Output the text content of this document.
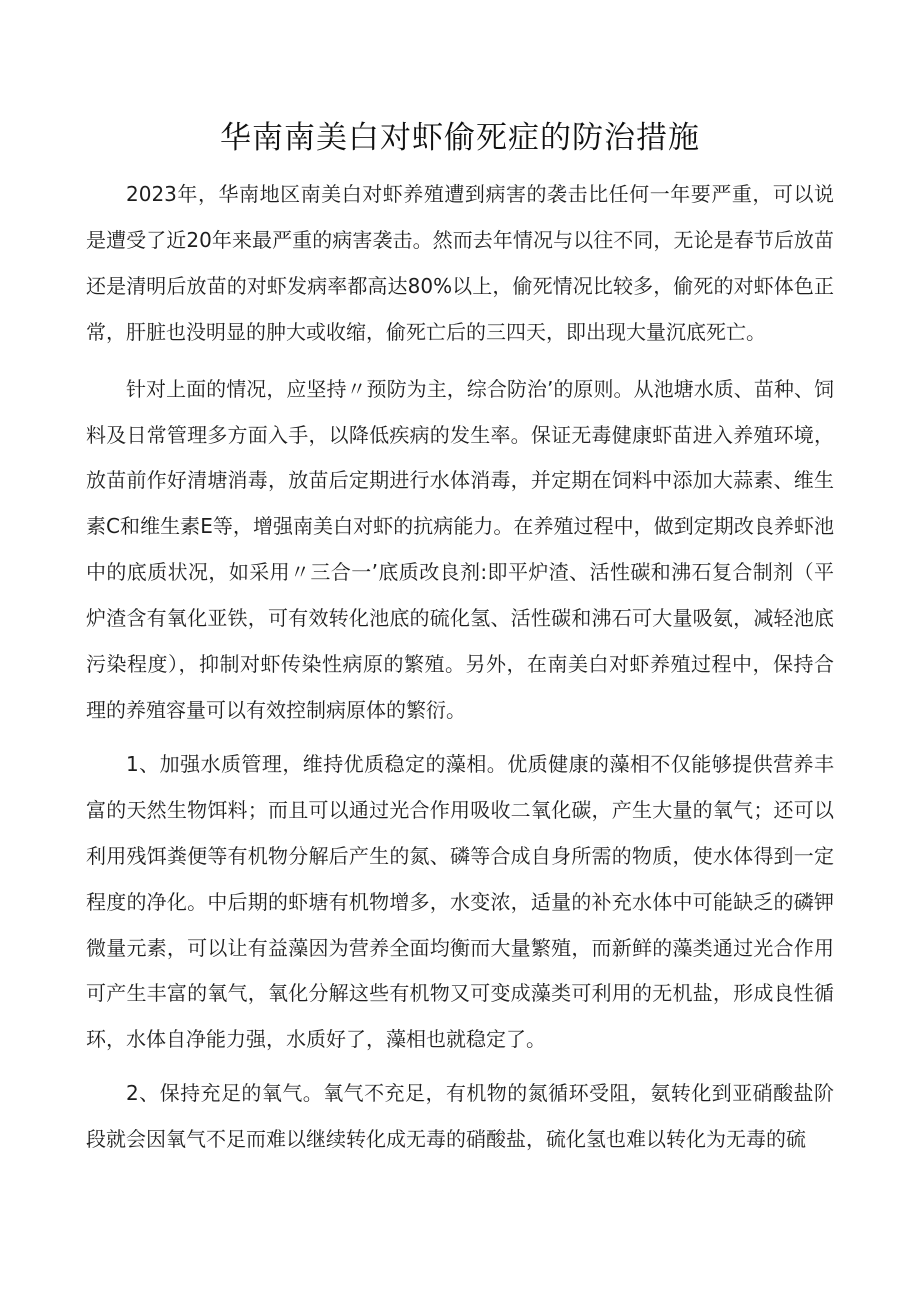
华南南美白对虾偷死症的防治措施

2023年，华南地区南美白对虾养殖遭到病害的袭击比任何一年要严重，可以说是遭受了近20年来最严重的病害袭击。然而去年情况与以往不同，无论是春节后放苗还是清明后放苗的对虾发病率都高达80%以上，偷死情况比较多，偷死的对虾体色正常，肝脏也没明显的肿大或收缩，偷死亡后的三四天，即出现大量沉底死亡。

针对上面的情况，应坚持〃预防为主，综合防治’的原则。从池塘水质、苗种、饲料及日常管理多方面入手，以降低疾病的发生率。保证无毒健康虾苗进入养殖环境，放苗前作好清塘消毒，放苗后定期进行水体消毒，并定期在饲料中添加大蒜素、维生素C和维生素E等，增强南美白对虾的抗病能力。在养殖过程中，做到定期改良养虾池中的底质状况，如采用〃三合一’底质改良剂:即平炉渣、活性碳和沸石复合制剂（平炉渣含有氧化亚铁，可有效转化池底的硫化氢、活性碳和沸石可大量吸氨，减轻池底污染程度），抑制对虾传染性病原的繁殖。另外，在南美白对虾养殖过程中，保持合理的养殖容量可以有效控制病原体的繁衍。

1、加强水质管理，维持优质稳定的藻相。优质健康的藻相不仅能够提供营养丰富的天然生物饵料；而且可以通过光合作用吸收二氧化碳，产生大量的氧气；还可以利用残饵粪便等有机物分解后产生的氮、磷等合成自身所需的物质，使水体得到一定程度的净化。中后期的虾塘有机物增多，水变浓，适量的补充水体中可能缺乏的磷钾微量元素，可以让有益藻因为营养全面均衡而大量繁殖，而新鲜的藻类通过光合作用可产生丰富的氧气，氧化分解这些有机物又可变成藻类可利用的无机盐，形成良性循环，水体自净能力强，水质好了，藻相也就稳定了。

2、保持充足的氧气。氧气不充足，有机物的氮循环受阻，氨转化到亚硝酸盐阶段就会因氧气不足而难以继续转化成无毒的硝酸盐，硫化氢也难以转化为无毒的硫
